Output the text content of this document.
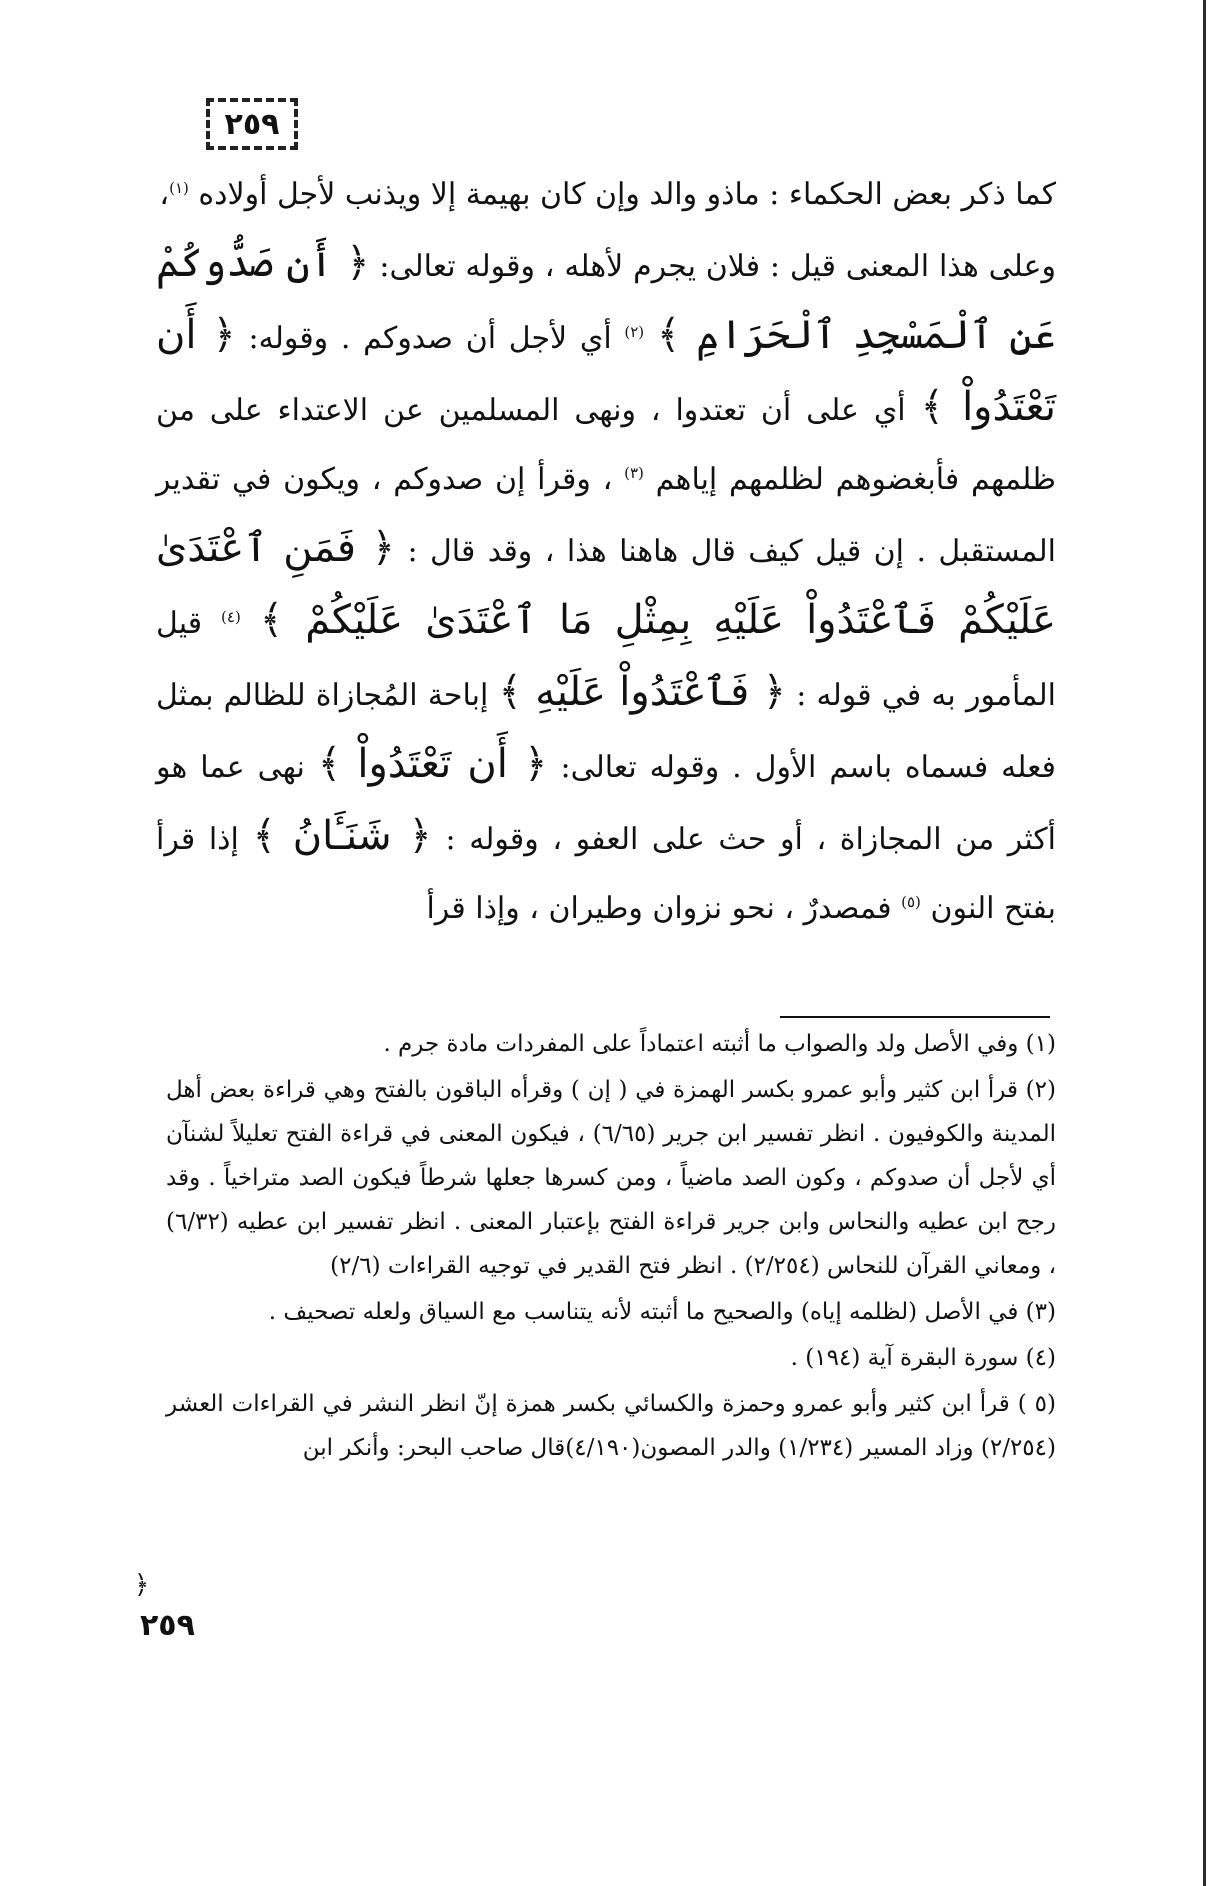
٢٥٩

كما ذكر بعض الحكماء : ماذو والد وإن كان بهيمة إلا ويذنب لأجل أولاده $^{(١)}$،

وعلى هذا المعنى قيل : فلان يجرم لأهله ، وقوله تعالى: ﴿ أَن صَدُّوكُمْ عَنِ ٱلْمَسْجِدِ ٱلْحَرَامِ ﴾ $^{(٢)}$ أي لأجل أن صدوكم . وقوله: ﴿ أَن تَعْتَدُواْ ﴾ أي على أن تعتدوا ، ونهى المسلمين عن الاعتداء على من ظلمهم فأبغضوهم لظلمهم إياهم $^{(٣)}$ ، وقرأ إن صدوكم ، ويكون في تقدير المستقبل . إن قيل كيف قال هاهنا هذا ، وقد قال : ﴿ فَمَنِ ٱعْتَدَىٰ عَلَيْكُمْ فَٱعْتَدُواْ عَلَيْهِ بِمِثْلِ مَا ٱعْتَدَىٰ عَلَيْكُمْ ﴾ $^{(٤)}$ قيل المأمور به في قوله : ﴿ فَٱعْتَدُواْ عَلَيْهِ ﴾ إباحة المُجازاة للظالم بمثل فعله فسماه باسم الأول . وقوله تعالى: ﴿ أَن تَعْتَدُواْ ﴾ نهى عما هو أكثر من المجازاة ، أو حث على العفو ، وقوله : ﴿ شَنَـَٔانُ ﴾ إذا قرأ بفتح النون $^{(٥)}$ فمصدرٌ ، نحو نزوان وطيران ، وإذا قرأ

(١) وفي الأصل ولد والصواب ما أثبته اعتماداً على المفردات مادة جرم .

(٢) قرأ ابن كثير وأبو عمرو بكسر الهمزة في ( إن ) وقرأه الباقون بالفتح وهي قراءة بعض أهل المدينة والكوفيون . انظر تفسير ابن جرير (٦/٦٥) ، فيكون المعنى في قراءة الفتح تعليلاً لشنآن أي لأجل أن صدوكم ، وكون الصد ماضياً ، ومن كسرها جعلها شرطاً فيكون الصد متراخياً . وقد رجح ابن عطيه والنحاس وابن جرير قراءة الفتح بإعتبار المعنى . انظر تفسير ابن عطيه (٦/٣٢) ، ومعاني القرآن للنحاس (٢/٢٥٤) . انظر فتح القدير في توجيه القراءات (٢/٦)

(٣) في الأصل (لظلمه إياه) والصحيح ما أثبته لأنه يتناسب مع السياق ولعله تصحيف .

(٤) سورة البقرة آية (١٩٤) .

(٥ ) قرأ ابن كثير وأبو عمرو وحمزة والكسائي بكسر همزة إنّ انظر النشر في القراءات العشر (٢/٢٥٤) وزاد المسير (١/٢٣٤) والدر المصون(٤/١٩٠)قال صاحب البحر: وأنكر ابن

﴿
٢٥٩
